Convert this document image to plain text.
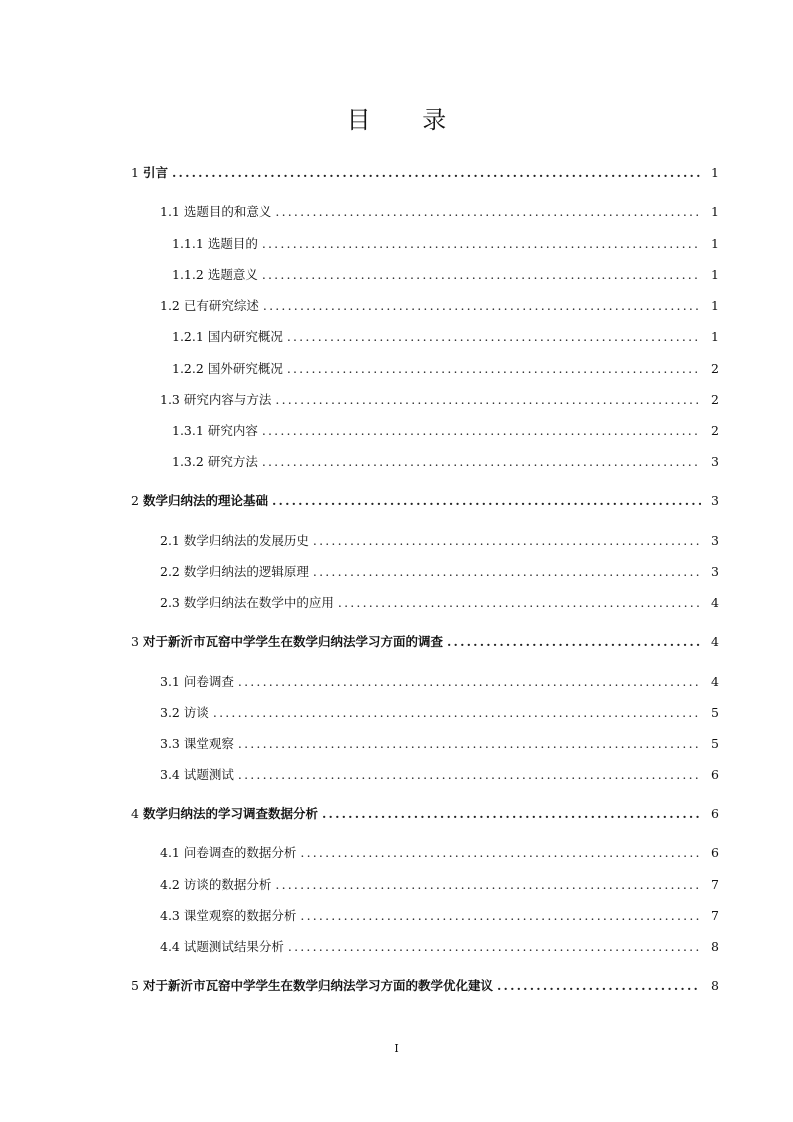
目 录
1 引言 .....	1
1.1 选题目的和意义 .....	1
1.1.1 选题目的 .....	1
1.1.2 选题意义 .....	1
1.2 已有研究综述 .....	1
1.2.1 国内研究概况 .....	1
1.2.2 国外研究概况 .....	2
1.3 研究内容与方法 .....	2
1.3.1 研究内容 .....	2
1.3.2 研究方法 .....	3
2 数学归纳法的理论基础 .....	3
2.1 数学归纳法的发展历史 .....	3
2.2 数学归纳法的逻辑原理 .....	3
2.3 数学归纳法在数学中的应用 .....	4
3 对于新沂市瓦窑中学学生在数学归纳法学习方面的调查 .....	4
3.1 问卷调查 .....	4
3.2 访谈 .....	5
3.3 课堂观察 .....	5
3.4 试题测试 .....	6
4 数学归纳法的学习调查数据分析 .....	6
4.1 问卷调查的数据分析 .....	6
4.2 访谈的数据分析 .....	7
4.3 课堂观察的数据分析 .....	7
4.4 试题测试结果分析 .....	8
5 对于新沂市瓦窑中学学生在数学归纳法学习方面的教学优化建议 .....	8
I
